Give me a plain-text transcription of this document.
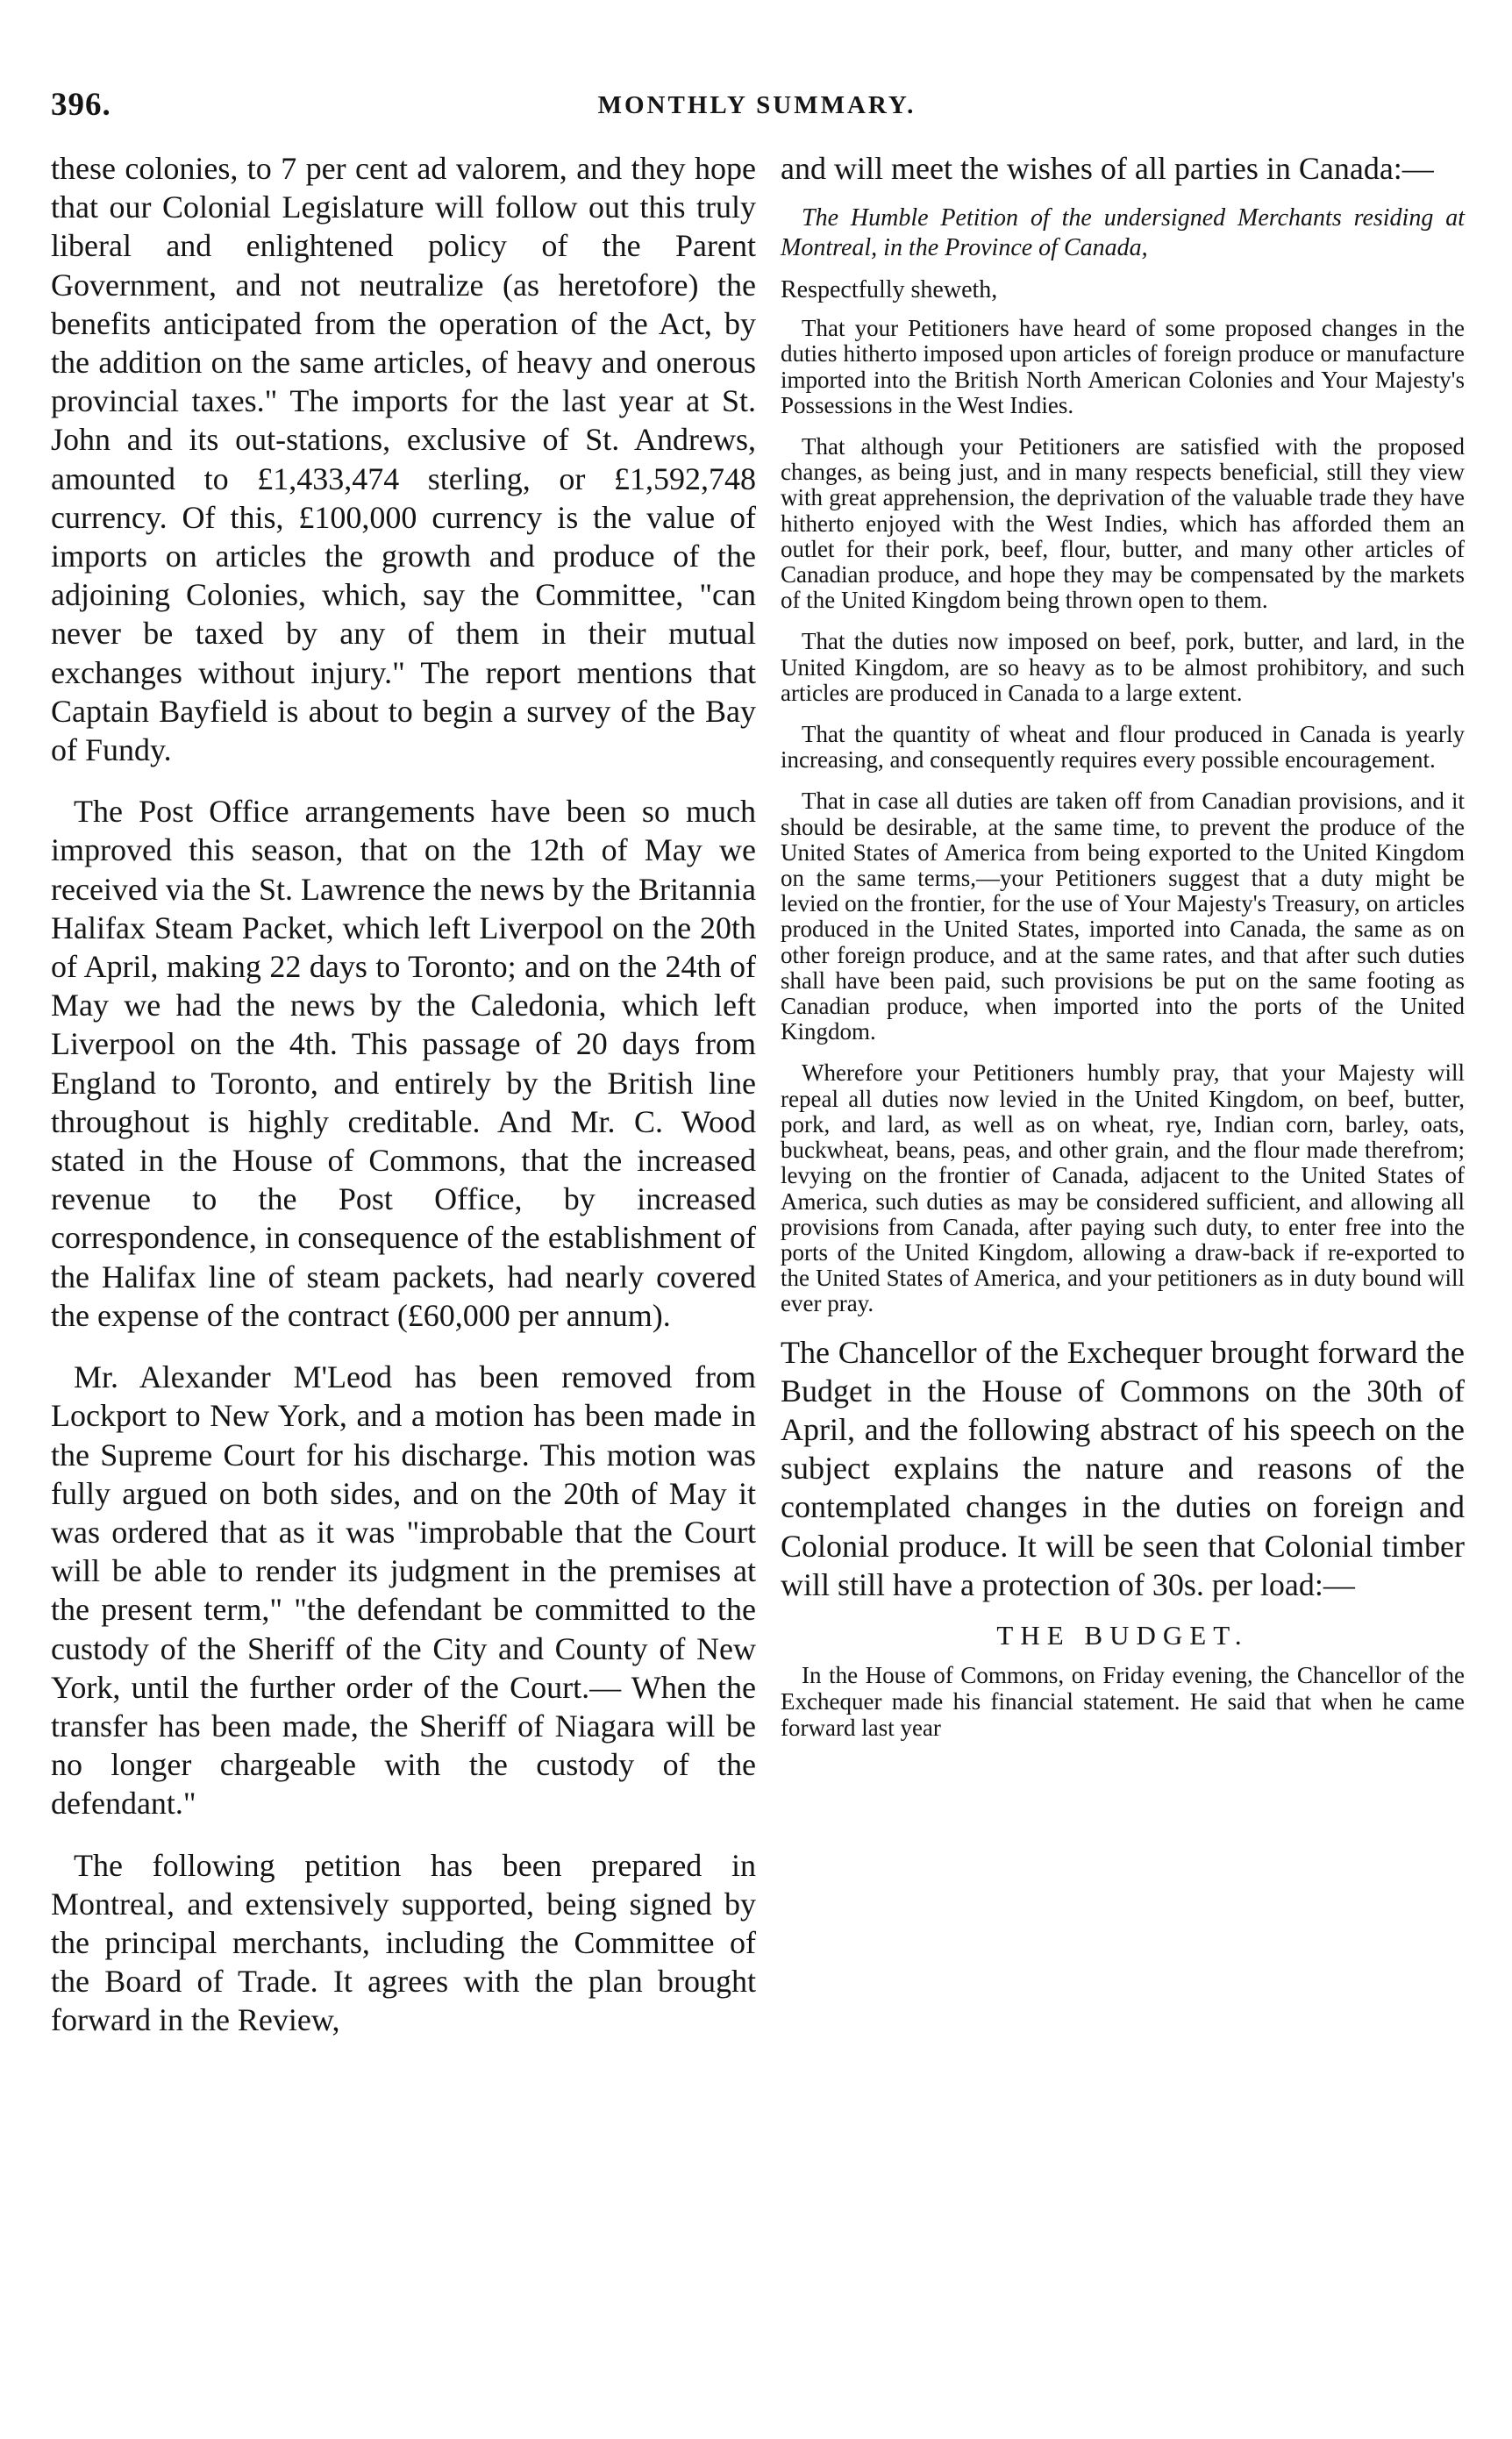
396.	MONTHLY SUMMARY.

these colonies, to 7 per cent ad valorem, and they hope that our Colonial Legislature will follow out this truly liberal and enlightened policy of the Parent Government, and not neutralize (as heretofore) the benefits anticipated from the operation of the Act, by the addition on the same articles, of heavy and onerous provincial taxes." The imports for the last year at St. John and its out-stations, exclusive of St. Andrews, amounted to £1,433,474 sterling, or £1,592,748 currency. Of this, £100,000 currency is the value of imports on articles the growth and produce of the adjoining Colonies, which, say the Committee, "can never be taxed by any of them in their mutual exchanges without injury." The report mentions that Captain Bayfield is about to begin a survey of the Bay of Fundy.

The Post Office arrangements have been so much improved this season, that on the 12th of May we received via the St. Lawrence the news by the Britannia Halifax Steam Packet, which left Liverpool on the 20th of April, making 22 days to Toronto; and on the 24th of May we had the news by the Caledonia, which left Liverpool on the 4th. This passage of 20 days from England to Toronto, and entirely by the British line throughout is highly creditable. And Mr. C. Wood stated in the House of Commons, that the increased revenue to the Post Office, by increased correspondence, in consequence of the establishment of the Halifax line of steam packets, had nearly covered the expense of the contract (£60,000 per annum).

Mr. Alexander M'Leod has been removed from Lockport to New York, and a motion has been made in the Supreme Court for his discharge. This motion was fully argued on both sides, and on the 20th of May it was ordered that as it was "improbable that the Court will be able to render its judgment in the premises at the present term," "the defendant be committed to the custody of the Sheriff of the City and County of New York, until the further order of the Court.— When the transfer has been made, the Sheriff of Niagara will be no longer chargeable with the custody of the defendant."

The following petition has been prepared in Montreal, and extensively supported, being signed by the principal merchants, including the Committee of the Board of Trade. It agrees with the plan brought forward in the Review,

and will meet the wishes of all parties in Canada:—

The Humble Petition of the undersigned Merchants residing at Montreal, in the Province of Canada,

Respectfully sheweth,

That your Petitioners have heard of some proposed changes in the duties hitherto imposed upon articles of foreign produce or manufacture imported into the British North American Colonies and Your Majesty's Possessions in the West Indies.

That although your Petitioners are satisfied with the proposed changes, as being just, and in many respects beneficial, still they view with great apprehension, the deprivation of the valuable trade they have hitherto enjoyed with the West Indies, which has afforded them an outlet for their pork, beef, flour, butter, and many other articles of Canadian produce, and hope they may be compensated by the markets of the United Kingdom being thrown open to them.

That the duties now imposed on beef, pork, butter, and lard, in the United Kingdom, are so heavy as to be almost prohibitory, and such articles are produced in Canada to a large extent.

That the quantity of wheat and flour produced in Canada is yearly increasing, and consequently requires every possible encouragement.

That in case all duties are taken off from Canadian provisions, and it should be desirable, at the same time, to prevent the produce of the United States of America from being exported to the United Kingdom on the same terms,—your Petitioners suggest that a duty might be levied on the frontier, for the use of Your Majesty's Treasury, on articles produced in the United States, imported into Canada, the same as on other foreign produce, and at the same rates, and that after such duties shall have been paid, such provisions be put on the same footing as Canadian produce, when imported into the ports of the United Kingdom.

Wherefore your Petitioners humbly pray, that your Majesty will repeal all duties now levied in the United Kingdom, on beef, butter, pork, and lard, as well as on wheat, rye, Indian corn, barley, oats, buckwheat, beans, peas, and other grain, and the flour made therefrom; levying on the frontier of Canada, adjacent to the United States of America, such duties as may be considered sufficient, and allowing all provisions from Canada, after paying such duty, to enter free into the ports of the United Kingdom, allowing a draw-back if re-exported to the United States of America, and your petitioners as in duty bound will ever pray.

The Chancellor of the Exchequer brought forward the Budget in the House of Commons on the 30th of April, and the following abstract of his speech on the subject explains the nature and reasons of the contemplated changes in the duties on foreign and Colonial produce. It will be seen that Colonial timber will still have a protection of 30s. per load:—

THE BUDGET.

In the House of Commons, on Friday evening, the Chancellor of the Exchequer made his financial statement. He said that when he came forward last year
